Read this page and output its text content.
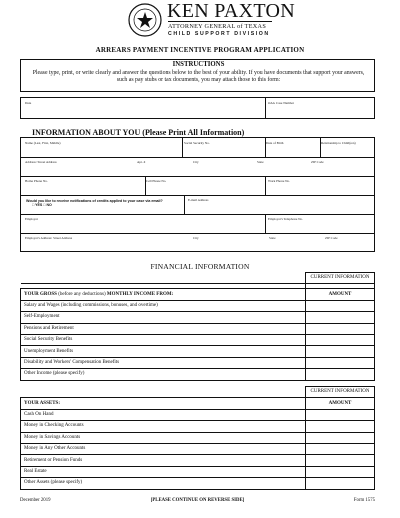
KEN PAXTON
ATTORNEY GENERAL of TEXAS
CHILD SUPPORT DIVISION
ARREARS PAYMENT INCENTIVE PROGRAM APPLICATION
INSTRUCTIONS
Please type, print, or write clearly and answer the questions below to the best of your ability. If you have documents that support your answers, such as pay stubs or tax documents, you may attach those to this form:
Date	OAG Case Number
INFORMATION ABOUT YOU (Please Print All Information)
Name (Last, First, Middle)	Social Security No.	Date of Birth	Relationship to Child(ren)
Address: Street Address	Apt. #	City	State	ZIP Code
Home Phone No.	Cell Phone No.	Work Phone No.
Would you like to receive notifications of credits applied to your case via email? □ YES □ NO
E-mail Address
Employer	Employer's Telephone No.
Employer's Address: Street Address	City	State	ZIP Code
FINANCIAL INFORMATION
	CURRENT INFORMATION

YOUR GROSS (before any deductions) MONTHLY INCOME FROM:	AMOUNT
Salary and Wages (including commissions, bonuses, and overtime)	
Self-Employment	
Pensions and Retirement	
Social Security Benefits	
Unemployment Benefits	
Disability and Workers' Compensation Benefits	
Other Income (please specify)	
	CURRENT INFORMATION
YOUR ASSETS:	AMOUNT
Cash On Hand	
Money in Checking Accounts	
Money in Savings Accounts	
Money in Any Other Accounts	
Retirement or Pension Funds	
Real Estate	
Other Assets (please specify)	
December 2019	[PLEASE CONTINUE ON REVERSE SIDE]	Form 1575
